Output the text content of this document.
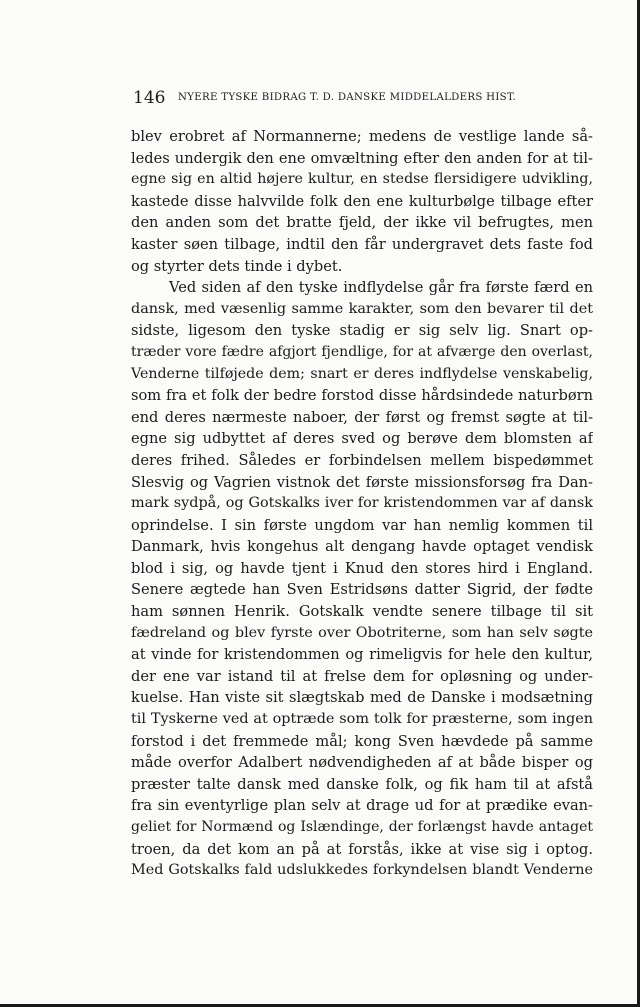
146 NYERE TYSKE BIDRAG T. D. DANSKE MIDDELALDERS HIST.
blev erobret af Normannerne; medens de vestlige lande så-
ledes undergik den ene omvæltning efter den anden for at til-
egne sig en altid højere kultur, en stedse flersidigere udvikling,
kastede disse halvvilde folk den ene kulturbølge tilbage efter
den anden som det bratte fjeld, der ikke vil befrugtes, men
kaster søen tilbage, indtil den får undergravet dets faste fod
og styrter dets tinde i dybet.
Ved siden af den tyske indflydelse går fra første færd en
dansk, med væsenlig samme karakter, som den bevarer til det
sidste, ligesom den tyske stadig er sig selv lig. Snart op-
træder vore fædre afgjort fjendlige, for at afværge den overlast,
Venderne tilføjede dem; snart er deres indflydelse venskabelig,
som fra et folk der bedre forstod disse hårdsindede naturbørn
end deres nærmeste naboer, der først og fremst søgte at til-
egne sig udbyttet af deres sved og berøve dem blomsten af
deres frihed. Således er forbindelsen mellem bispedømmet
Slesvig og Vagrien vistnok det første missionsforsøg fra Dan-
mark sydpå, og Gotskalks iver for kristendommen var af dansk
oprindelse. I sin første ungdom var han nemlig kommen til
Danmark, hvis kongehus alt dengang havde optaget vendisk
blod i sig, og havde tjent i Knud den stores hird i England.
Senere ægtede han Sven Estridsøns datter Sigrid, der fødte
ham sønnen Henrik. Gotskalk vendte senere tilbage til sit
fædreland og blev fyrste over Obotriterne, som han selv søgte
at vinde for kristendommen og rimeligvis for hele den kultur,
der ene var istand til at frelse dem for opløsning og under-
kuelse. Han viste sit slægtskab med de Danske i modsætning
til Tyskerne ved at optræde som tolk for præsterne, som ingen
forstod i det fremmede mål; kong Sven hævdede på samme
måde overfor Adalbert nødvendigheden af at både bisper og
præster talte dansk med danske folk, og fik ham til at afstå
fra sin eventyrlige plan selv at drage ud for at prædike evan-
geliet for Normænd og Islændinge, der forlængst havde antaget
troen, da det kom an på at forstås, ikke at vise sig i optog.
Med Gotskalks fald udslukkedes forkyndelsen blandt Venderne
